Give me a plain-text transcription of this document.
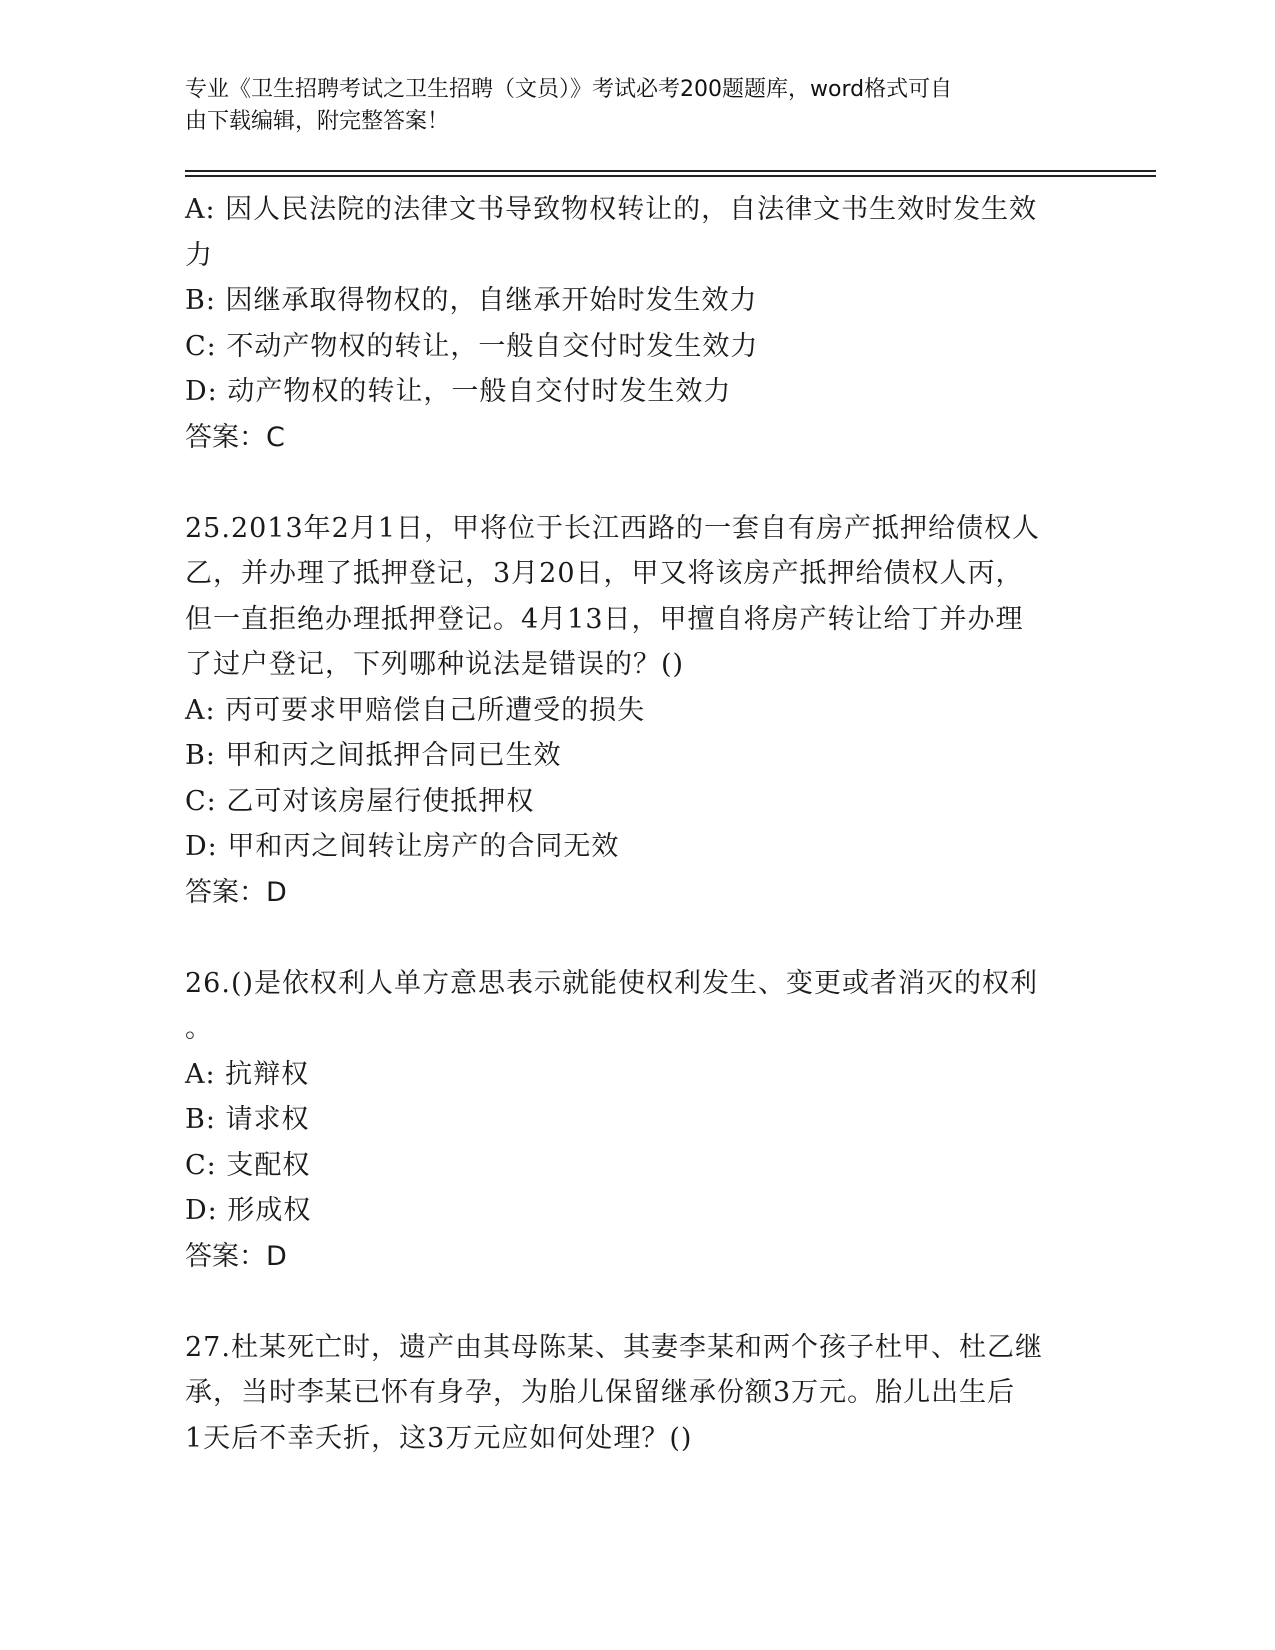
专业《卫生招聘考试之卫生招聘（文员）》考试必考200题题库，word格式可自
由下载编辑，附完整答案！
A: 因人民法院的法律文书导致物权转让的，自法律文书生效时发生效
力
B: 因继承取得物权的，自继承开始时发生效力
C: 不动产物权的转让，一般自交付时发生效力
D: 动产物权的转让，一般自交付时发生效力
答案：C
25.2013年2月1日，甲将位于长江西路的一套自有房产抵押给债权人
乙，并办理了抵押登记，3月20日，甲又将该房产抵押给债权人丙，
但一直拒绝办理抵押登记。4月13日，甲擅自将房产转让给丁并办理
了过户登记，下列哪种说法是错误的？()
A: 丙可要求甲赔偿自己所遭受的损失
B: 甲和丙之间抵押合同已生效
C: 乙可对该房屋行使抵押权
D: 甲和丙之间转让房产的合同无效
答案：D
26.()是依权利人单方意思表示就能使权利发生、变更或者消灭的权利
。
A: 抗辩权
B: 请求权
C: 支配权
D: 形成权
答案：D
27.杜某死亡时，遗产由其母陈某、其妻李某和两个孩子杜甲、杜乙继
承，当时李某已怀有身孕，为胎儿保留继承份额3万元。胎儿出生后
1天后不幸夭折，这3万元应如何处理？()
